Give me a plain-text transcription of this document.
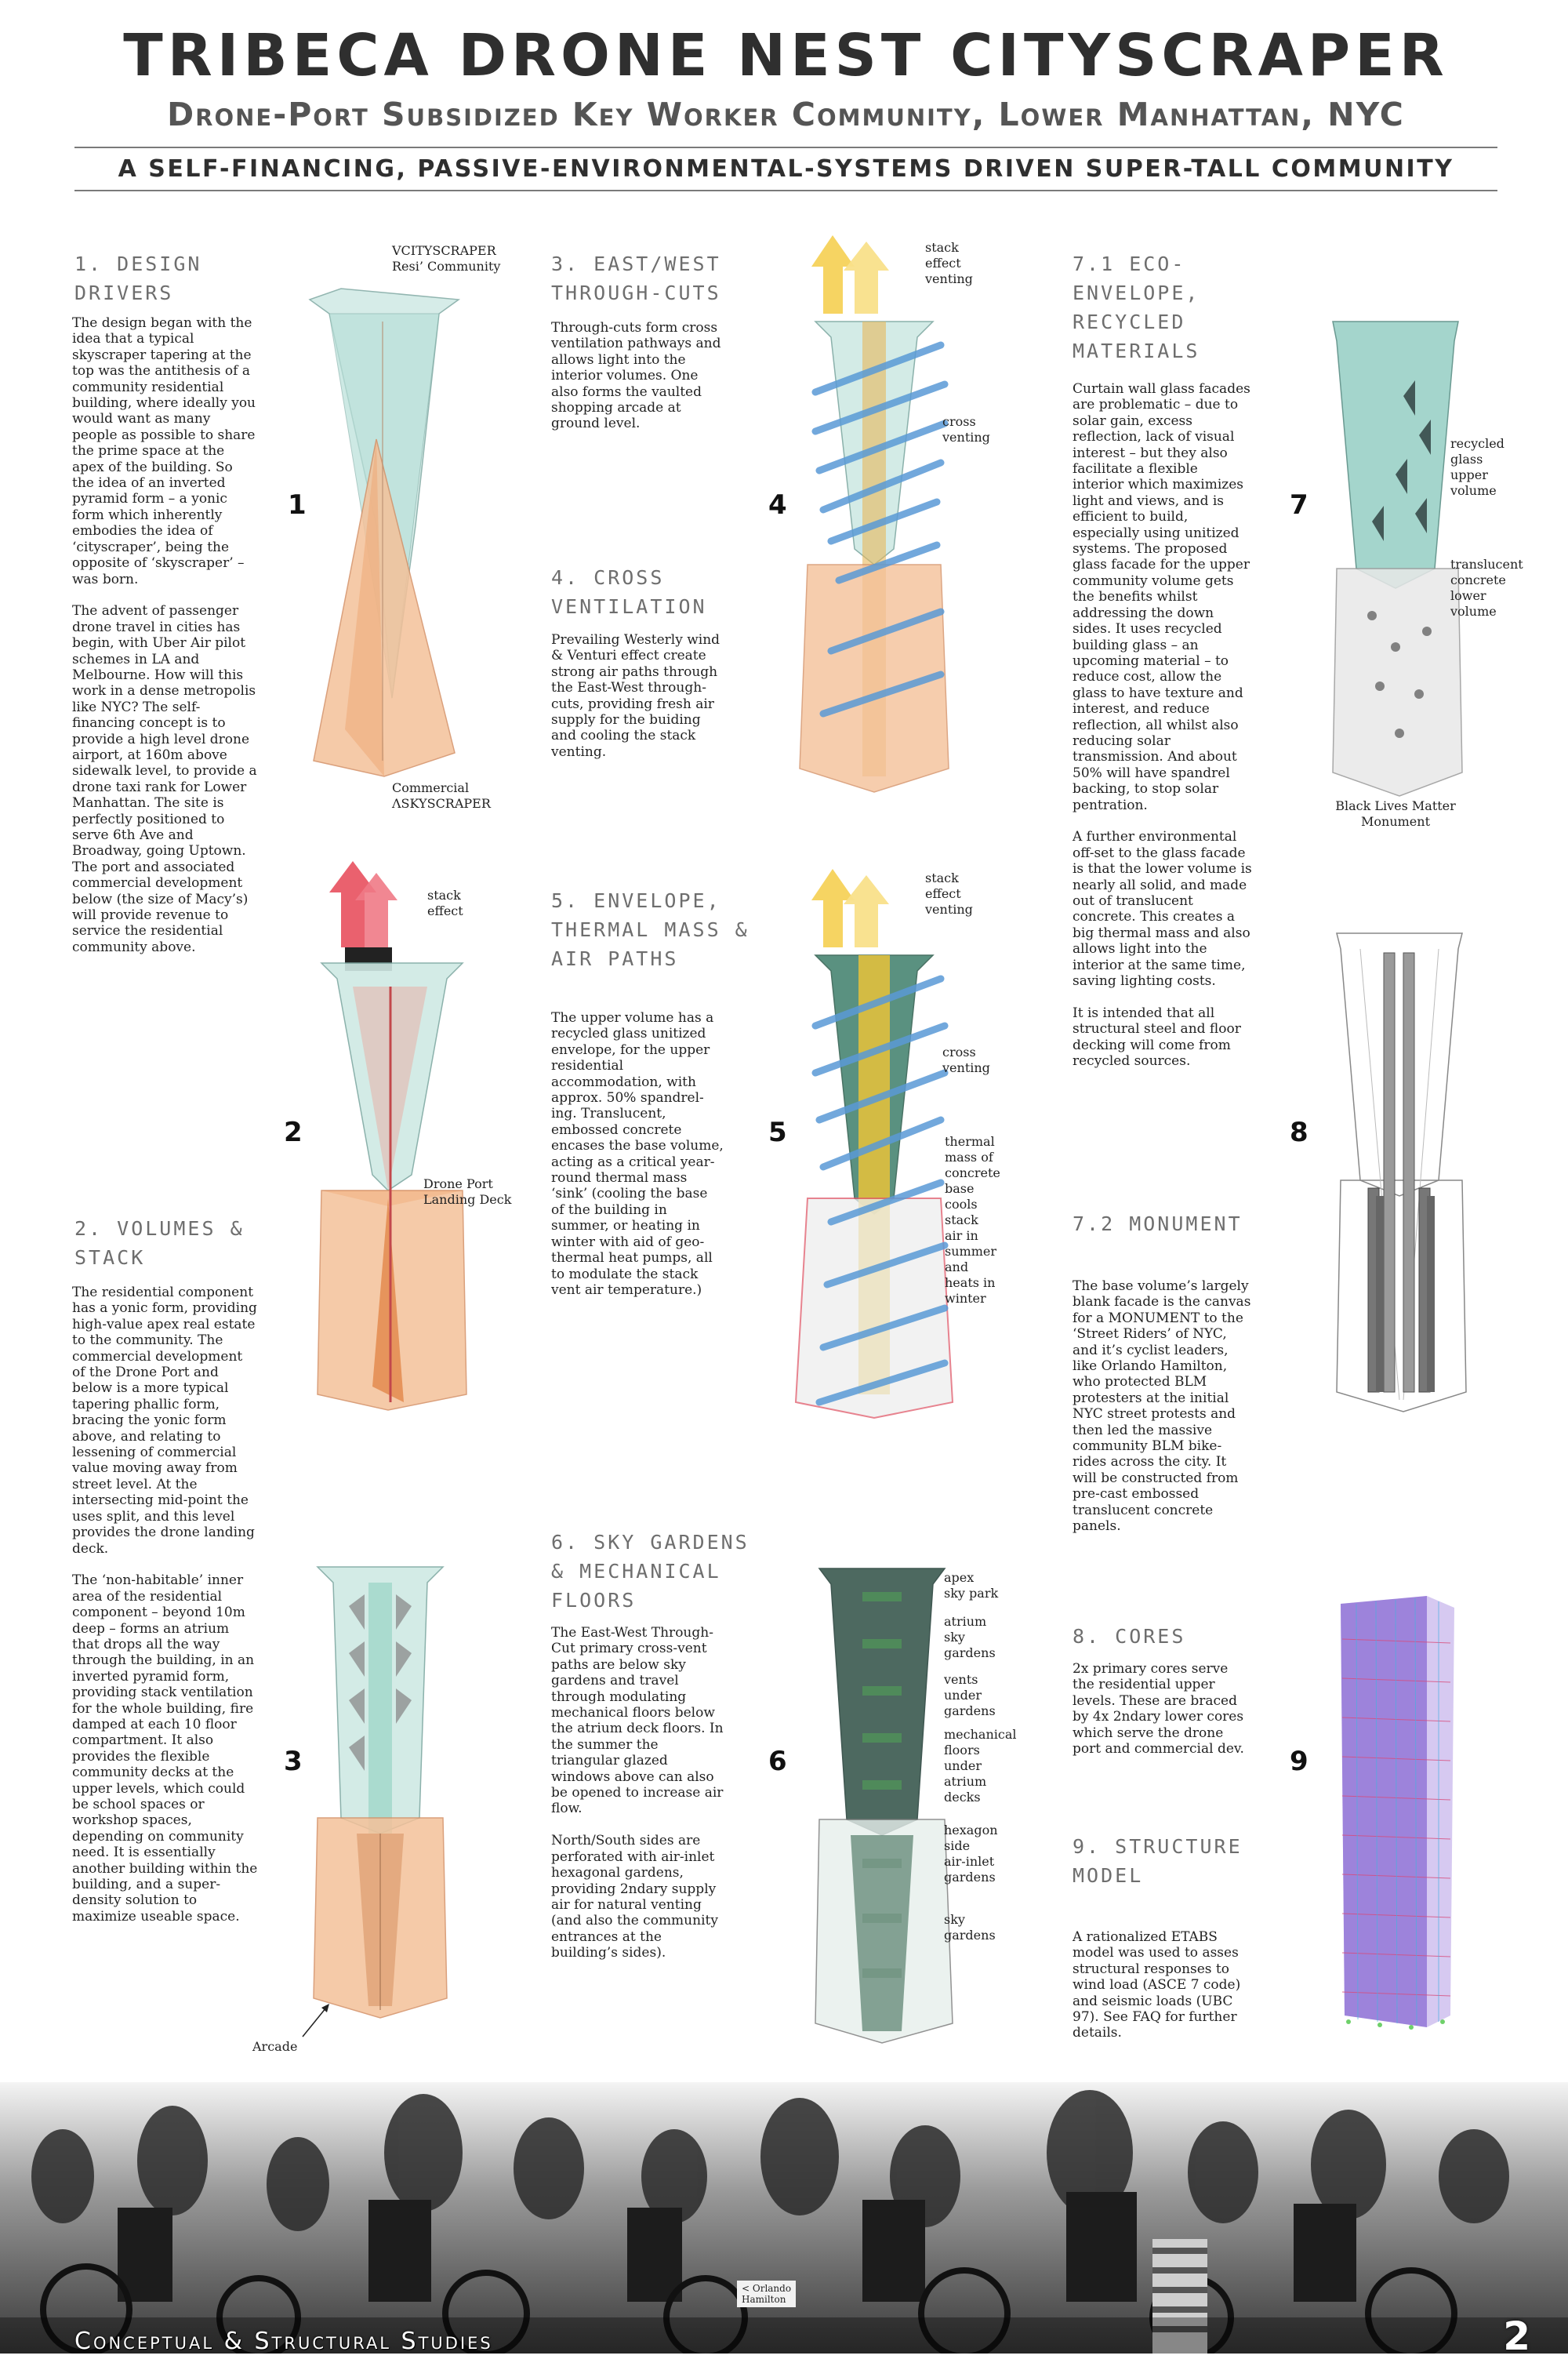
TRIBECA DRONE NEST CITYSCRAPER
Drone-Port Subsidized Key Worker Community, Lower Manhattan, NYC
A SELF-FINANCING, PASSIVE-ENVIRONMENTAL-SYSTEMS DRIVEN SUPER-TALL COMMUNITY
1. DESIGN DRIVERS

The design began with the idea that a typical skyscraper tapering at the top was the antithesis of a community residential building, where ideally you would want as many people as possible to share the prime space at the apex of the building. So the idea of an inverted pyramid form – a yonic form which inherently embodies the idea of ‘cityscraper’, being the opposite of ‘skyscraper’ – was born.

The advent of passenger drone travel in cities has begin, with Uber Air pilot schemes in LA and Melbourne. How will this work in a dense metropolis like NYC? The self-financing concept is to provide a high level drone airport, at 160m above sidewalk level, to provide a drone taxi rank for Lower Manhattan. The site is perfectly positioned to serve 6th Ave and Broadway, going Uptown. The port and associated commercial development below (the size of Macy’s) will provide revenue to service the residential community above.

2. VOLUMES & STACK

The residential component has a yonic form, providing high-value apex real estate to the community. The commercial development of the Drone Port and below is a more typical tapering phallic form, bracing the yonic form above, and relating to lessening of commercial value moving away from street level. At the intersecting mid-point the uses split, and this level provides the drone landing deck.

The ‘non-habitable’ inner area of the residential component – beyond 10m deep – forms an atrium that drops all the way through the building, in an inverted pyramid form, providing stack ventilation for the whole building, fire damped at each 10 floor compartment. It also provides the flexible community decks at the upper levels, which could be school spaces or workshop spaces, depending on community need. It is essentially another building within the building, and a super-density solution to maximize useable space.

3. EAST/WEST THROUGH-CUTS

Through-cuts form cross ventilation pathways and allows light into the interior volumes. One also forms the vaulted shopping arcade at ground level.

4. CROSS VENTILATION

Prevailing Westerly wind & Venturi effect create strong air paths through the East-West through-cuts, providing fresh air supply for the buiding and cooling the stack venting.

5. ENVELOPE, THERMAL MASS & AIR PATHS

The upper volume has a recycled glass unitized envelope, for the upper residential accommodation, with approx. 50% spandrel-ing. Translucent, embossed concrete encases the base volume, acting as a critical year-round thermal mass ‘sink’ (cooling the base of the building in summer, or heating in winter with aid of geo-thermal heat pumps, all to modulate the stack vent air temperature.)

6. SKY GARDENS & MECHANICAL FLOORS

The East-West Through-Cut primary cross-vent paths are below sky gardens and travel through modulating mechanical floors below the atrium deck floors. In the summer the triangular glazed windows above can also be opened to increase air flow.

North/South sides are perforated with air-inlet hexagonal gardens, providing 2ndary supply air for natural venting (and also the community entrances at the building’s sides).

7.1 ECO-ENVELOPE, RECYCLED MATERIALS

Curtain wall glass facades are problematic – due to solar gain, excess reflection, lack of visual interest – but they also facilitate a flexible interior which maximizes light and views, and is efficient to build, especially using unitized systems. The proposed glass facade for the upper community volume gets the benefits whilst addressing the down sides. It uses recycled building glass – an upcoming material – to reduce cost, allow the glass to have texture and interest, and reduce reflection, all whilst also reducing solar transmission. And about 50% will have spandrel backing, to stop solar pentration.

A further environmental off-set to the glass facade is that the lower volume is nearly all solid, and made out of translucent concrete. This creates a big thermal mass and also allows light into the interior at the same time, saving lighting costs.

It is intended that all structural steel and floor decking will come from recycled sources.

7.2 MONUMENT

The base volume’s largely blank facade is the canvas for a MONUMENT to the ‘Street Riders’ of NYC, and it’s cyclist leaders, like Orlando Hamilton, who protected BLM protesters at the initial NYC street protests and then led the massive community BLM bike-rides across the city. It will be constructed from pre-cast embossed translucent concrete panels.

8. CORES

2x primary cores serve the residential upper levels. These are braced by 4x 2ndary lower cores which serve the drone port and commercial dev.

9. STRUCTURE MODEL

A rationalized ETABS model was used to asses structural responses to wind load (ASCE 7 code) and seismic loads (UBC 97). See FAQ for further details.

1
2
3
4
5
6
7
8
9

VCITYSCRAPER
Resi’ Community

Commercial
ΛSKYSCRAPER

stack
effect

Drone Port
Landing Deck

Arcade

stack
effect
venting

cross
venting

stack
effect
venting

cross
venting

thermal
mass of
concrete
base
cools
stack
air in
summer
and
heats in
winter

apex
sky park

atrium
sky
gardens

vents
under
gardens

mechanical
floors
under
atrium
decks

hexagon
side
air-inlet
gardens

sky
gardens

recycled
glass
upper
volume

translucent
concrete
lower
volume

Black Lives Matter
Monument

< Orlando
Hamilton

Conceptual & Structural Studies	2
